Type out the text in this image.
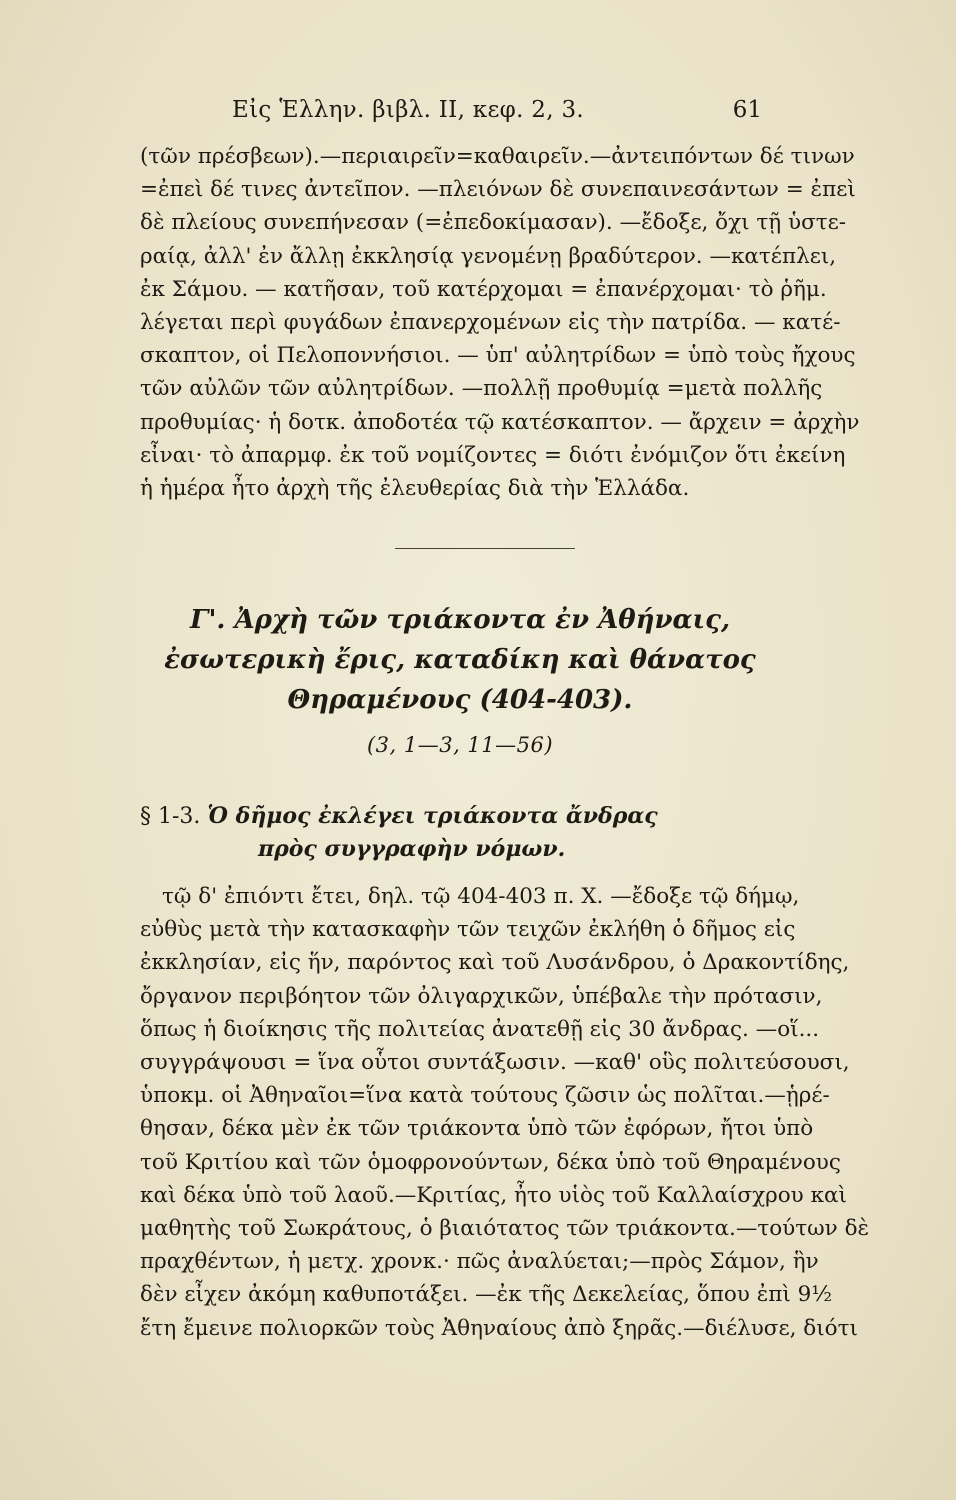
Εἰς Ἑλλην. βιβλ. II, κεφ. 2, 3.	61
(τῶν πρέσβεων).—περιαιρεῖν=καθαιρεῖν.—ἀντειπόντων δέ τινων
=ἐπεὶ δέ τινες ἀντεῖπον. —πλειόνων δὲ συνεπαινεσάντων = ἐπεὶ
δὲ πλείους συνεπήνεσαν (=ἐπεδοκίμασαν). —ἔδοξε, ὄχι τῇ ὑστε-
ραίᾳ, ἀλλ' ἐν ἄλλῃ ἐκκλησίᾳ γενομένῃ βραδύτερον. —κατέπλει,
ἐκ Σάμου. — κατῆσαν, τοῦ κατέρχομαι = ἐπανέρχομαι· τὸ ῥῆμ.
λέγεται περὶ φυγάδων ἐπανερχομένων εἰς τὴν πατρίδα. — κατέ-
σκαπτον, οἱ Πελοποννήσιοι. — ὑπ' αὐλητρίδων = ὑπὸ τοὺς ἤχους
τῶν αὐλῶν τῶν αὐλητρίδων. —πολλῇ προθυμίᾳ =μετὰ πολλῆς
προθυμίας· ἡ δοτκ. ἀποδοτέα τῷ κατέσκαπτον. — ἄρχειν = ἀρχὴν
εἶναι· τὸ ἀπαρμφ. ἐκ τοῦ νομίζοντες = διότι ἐνόμιζον ὅτι ἐκείνη
ἡ ἡμέρα ἦτο ἀρχὴ τῆς ἐλευθερίας διὰ τὴν Ἑλλάδα.
Γ'. Ἀρχὴ τῶν τριάκοντα ἐν Ἀθήναις,
ἐσωτερικὴ ἔρις, καταδίκη καὶ θάνατος
Θηραμένους (404-403).
(3, 1—3, 11—56)
§ 1-3. Ὁ δῆμος ἐκλέγει τριάκοντα ἄνδρας
πρὸς συγγραφὴν νόμων.
τῷ δ' ἐπιόντι ἔτει, δηλ. τῷ 404-403 π. Χ. —ἔδοξε τῷ δήμῳ,
εὐθὺς μετὰ τὴν κατασκαφὴν τῶν τειχῶν ἐκλήθη ὁ δῆμος εἰς
ἐκκλησίαν, εἰς ἥν, παρόντος καὶ τοῦ Λυσάνδρου, ὁ Δρακοντίδης,
ὄργανον περιβόητον τῶν ὀλιγαρχικῶν, ὑπέβαλε τὴν πρότασιν,
ὅπως ἡ διοίκησις τῆς πολιτείας ἀνατεθῇ εἰς 30 ἄνδρας. —οἵ...
συγγράψουσι = ἵνα οὗτοι συντάξωσιν. —καθ' οὓς πολιτεύσουσι,
ὑποκμ. οἱ Ἀθηναῖοι=ἵνα κατὰ τούτους ζῶσιν ὡς πολῖται.—ᾑρέ-
θησαν, δέκα μὲν ἐκ τῶν τριάκοντα ὑπὸ τῶν ἐφόρων, ἤτοι ὑπὸ
τοῦ Κριτίου καὶ τῶν ὁμοφρονούντων, δέκα ὑπὸ τοῦ Θηραμένους
καὶ δέκα ὑπὸ τοῦ λαοῦ.—Κριτίας, ἦτο υἱὸς τοῦ Καλλαίσχρου καὶ
μαθητὴς τοῦ Σωκράτους, ὁ βιαιότατος τῶν τριάκοντα.—τούτων δὲ
πραχθέντων, ἡ μετχ. χρονκ.· πῶς ἀναλύεται;—πρὸς Σάμον, ἣν
δὲν εἶχεν ἀκόμη καθυποτάξει. —ἐκ τῆς Δεκελείας, ὅπου ἐπὶ 9½
ἔτη ἔμεινε πολιορκῶν τοὺς Ἀθηναίους ἀπὸ ξηρᾶς.—διέλυσε, διότι
